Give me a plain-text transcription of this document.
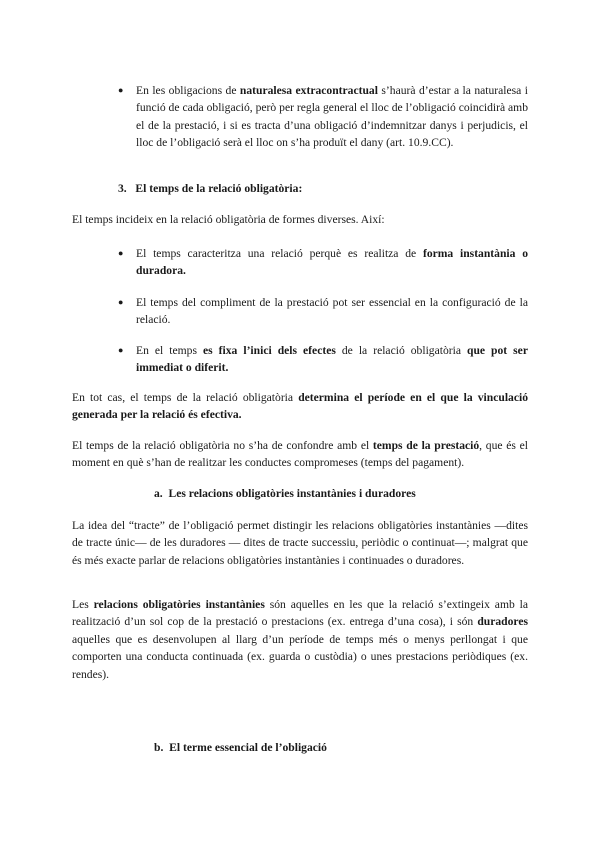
● En les obligacions de naturalesa extracontractual s’haurà d’estar a la naturalesa i funció de cada obligació, però per regla general el lloc de l’obligació coincidirà amb el de la prestació, i si es tracta d’una obligació d’indemnitzar danys i perjudicis, el lloc de l’obligació serà el lloc on s’ha produït el dany (art. 10.9.CC).
3. El temps de la relació obligatòria:
El temps incideix en la relació obligatòria de formes diverses. Així:
● El temps caracteritza una relació perquè es realitza de forma instantània o duradora.
● El temps del compliment de la prestació pot ser essencial en la configuració de la relació.
● En el temps es fixa l’inici dels efectes de la relació obligatòria que pot ser immediat o diferit.
En tot cas, el temps de la relació obligatòria determina el període en el que la vinculació generada per la relació és efectiva.
El temps de la relació obligatòria no s’ha de confondre amb el temps de la prestació, que és el moment en què s’han de realitzar les conductes compromeses (temps del pagament).
a. Les relacions obligatòries instantànies i duradores
La idea del “tracte” de l’obligació permet distingir les relacions obligatòries instantànies —dites de tracte únic— de les duradores — dites de tracte successiu, periòdic o continuat—; malgrat que és més exacte parlar de relacions obligatòries instantànies i continuades o duradores.
Les relacions obligatòries instantànies són aquelles en les que la relació s’extingeix amb la realització d’un sol cop de la prestació o prestacions (ex. entrega d’una cosa), i són duradores aquelles que es desenvolupen al llarg d’un període de temps més o menys perllongat i que comporten una conducta continuada (ex. guarda o custòdia) o unes prestacions periòdiques (ex. rendes).
b. El terme essencial de l’obligació
